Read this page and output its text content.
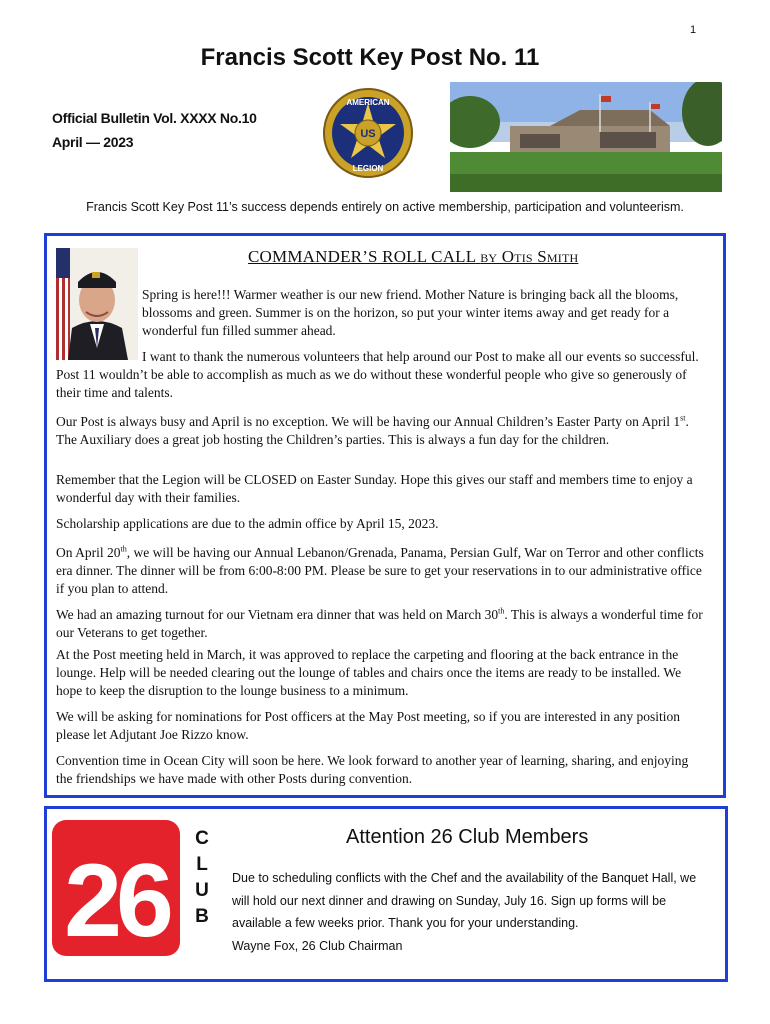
1
Francis Scott Key Post No. 11
Official Bulletin Vol. XXXX No.10
April — 2023	US
AMERICAN
LEGION
Francis Scott Key Post 11’s success depends entirely on active membership, participation and volunteerism.
COMMANDER’S ROLL CALL by Otis Smith
Spring is here!!! Warmer weather is our new friend. Mother Nature is bringing back all the blooms, blossoms and green. Summer is on the horizon, so put your winter items away and get ready for a wonderful fun filled summer ahead.
I want to thank the numerous volunteers that help around our Post to make all our events so successful. Post 11 wouldn’t be able to accomplish as much as we do without these wonderful people who give so generously of their time and talents.
Our Post is always busy and April is no exception. We will be having our Annual Children’s Easter Party on April 1st. The Auxiliary does a great job hosting the Children’s parties. This is always a fun day for the children.
Remember that the Legion will be CLOSED on Easter Sunday. Hope this gives our staff and members time to enjoy a wonderful day with their families.
Scholarship applications are due to the admin office by April 15, 2023.
On April 20th, we will be having our Annual Lebanon/Grenada, Panama, Persian Gulf, War on Terror and other conflicts era dinner. The dinner will be from 6:00-8:00 PM. Please be sure to get your reservations in to our administrative office if you plan to attend.
We had an amazing turnout for our Vietnam era dinner that was held on March 30th. This is always a wonderful time for our Veterans to get together.
At the Post meeting held in March, it was approved to replace the carpeting and flooring at the back entrance in the lounge. Help will be needed clearing out the lounge of tables and chairs once the items are ready to be installed. We hope to keep the disruption to the lounge business to a minimum.
We will be asking for nominations for Post officers at the May Post meeting, so if you are interested in any position please let Adjutant Joe Rizzo know.
Convention time in Ocean City will soon be here. We look forward to another year of learning, sharing, and enjoying the friendships we have made with other Posts during convention.
26
C
L
U
B
Attention 26 Club Members
Due to scheduling conflicts with the Chef and the availability of the Banquet Hall, we will hold our next dinner and drawing on Sunday, July 16. Sign up forms will be available a few weeks prior. Thank you for your understanding.
Wayne Fox, 26 Club Chairman
